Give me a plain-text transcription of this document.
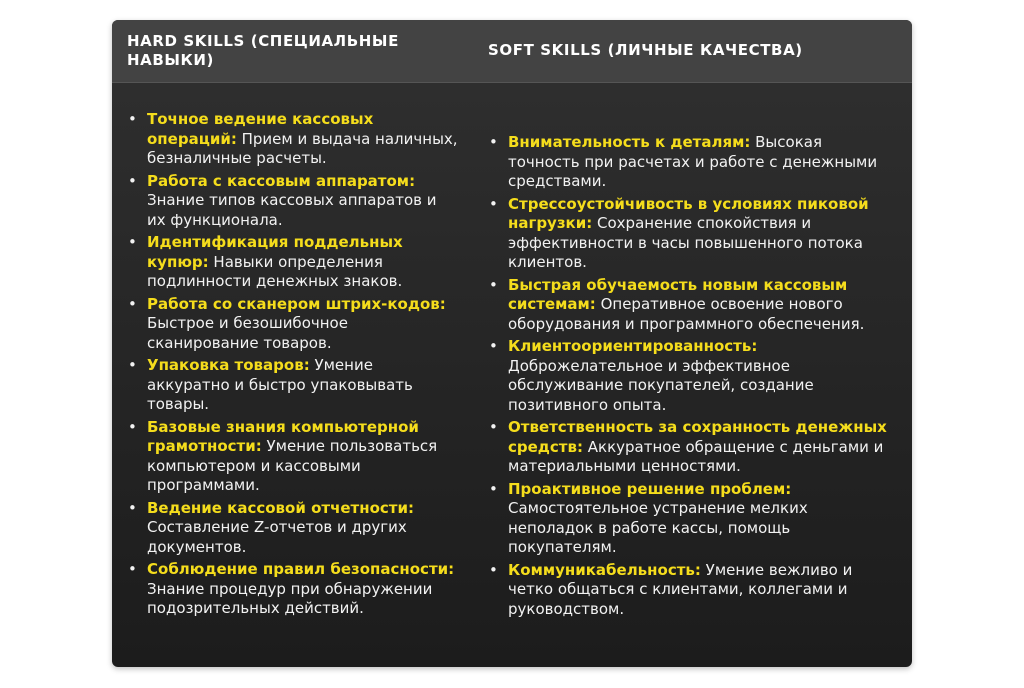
HARD SKILLS (СПЕЦИАЛЬНЫЕ НАВЫКИ)
SOFT SKILLS (ЛИЧНЫЕ КАЧЕСТВА)
• Точное ведение кассовых операций: Прием и выдача наличных, безналичные расчеты.
• Работа с кассовым аппаратом: Знание типов кассовых аппаратов и их функционала.
• Идентификация поддельных купюр: Навыки определения подлинности денежных знаков.
• Работа со сканером штрих-кодов: Быстрое и безошибочное сканирование товаров.
• Упаковка товаров: Умение аккуратно и быстро упаковывать товары.
• Базовые знания компьютерной грамотности: Умение пользоваться компьютером и кассовыми программами.
• Ведение кассовой отчетности: Составление Z-отчетов и других документов.
• Соблюдение правил безопасности: Знание процедур при обнаружении подозрительных действий.
• Внимательность к деталям: Высокая точность при расчетах и работе с денежными средствами.
• Стрессоустойчивость в условиях пиковой нагрузки: Сохранение спокойствия и эффективности в часы повышенного потока клиентов.
• Быстрая обучаемость новым кассовым системам: Оперативное освоение нового оборудования и программного обеспечения.
• Клиентоориентированность: Доброжелательное и эффективное обслуживание покупателей, создание позитивного опыта.
• Ответственность за сохранность денежных средств: Аккуратное обращение с деньгами и материальными ценностями.
• Проактивное решение проблем: Самостоятельное устранение мелких неполадок в работе кассы, помощь покупателям.
• Коммуникабельность: Умение вежливо и четко общаться с клиентами, коллегами и руководством.
